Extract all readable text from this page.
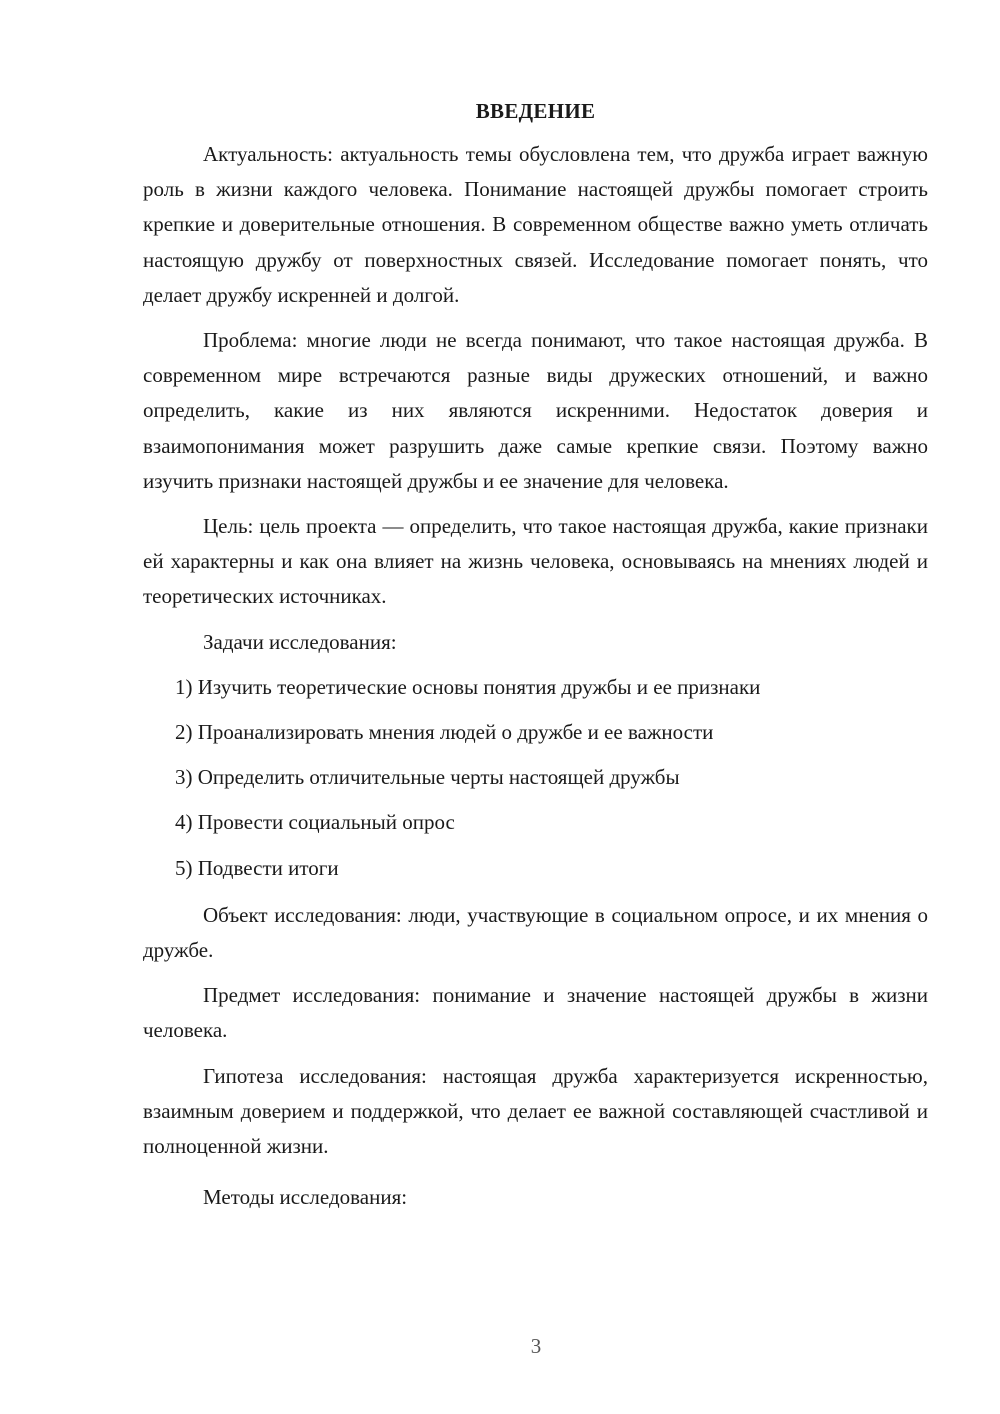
ВВЕДЕНИЕ

Актуальность: актуальность темы обусловлена тем, что дружба играет важную роль в жизни каждого человека. Понимание настоящей дружбы помогает строить крепкие и доверительные отношения. В современном обществе важно уметь отличать настоящую дружбу от поверхностных связей. Исследование помогает понять, что делает дружбу искренней и долгой.

Проблема: многие люди не всегда понимают, что такое настоящая дружба. В современном мире встречаются разные виды дружеских отношений, и важно определить, какие из них являются искренними. Недостаток доверия и взаимопонимания может разрушить даже самые крепкие связи. Поэтому важно изучить признаки настоящей дружбы и ее значение для человека.

Цель: цель проекта — определить, что такое настоящая дружба, какие признаки ей характерны и как она влияет на жизнь человека, основываясь на мнениях людей и теоретических источниках.

Задачи исследования:

1) Изучить теоретические основы понятия дружбы и ее признаки
2) Проанализировать мнения людей о дружбе и ее важности
3) Определить отличительные черты настоящей дружбы
4) Провести социальный опрос
5) Подвести итоги

Объект исследования: люди, участвующие в социальном опросе, и их мнения о дружбе.

Предмет исследования: понимание и значение настоящей дружбы в жизни человека.

Гипотеза исследования: настоящая дружба характеризуется искренностью, взаимным доверием и поддержкой, что делает ее важной составляющей счастливой и полноценной жизни.

Методы исследования:

3
